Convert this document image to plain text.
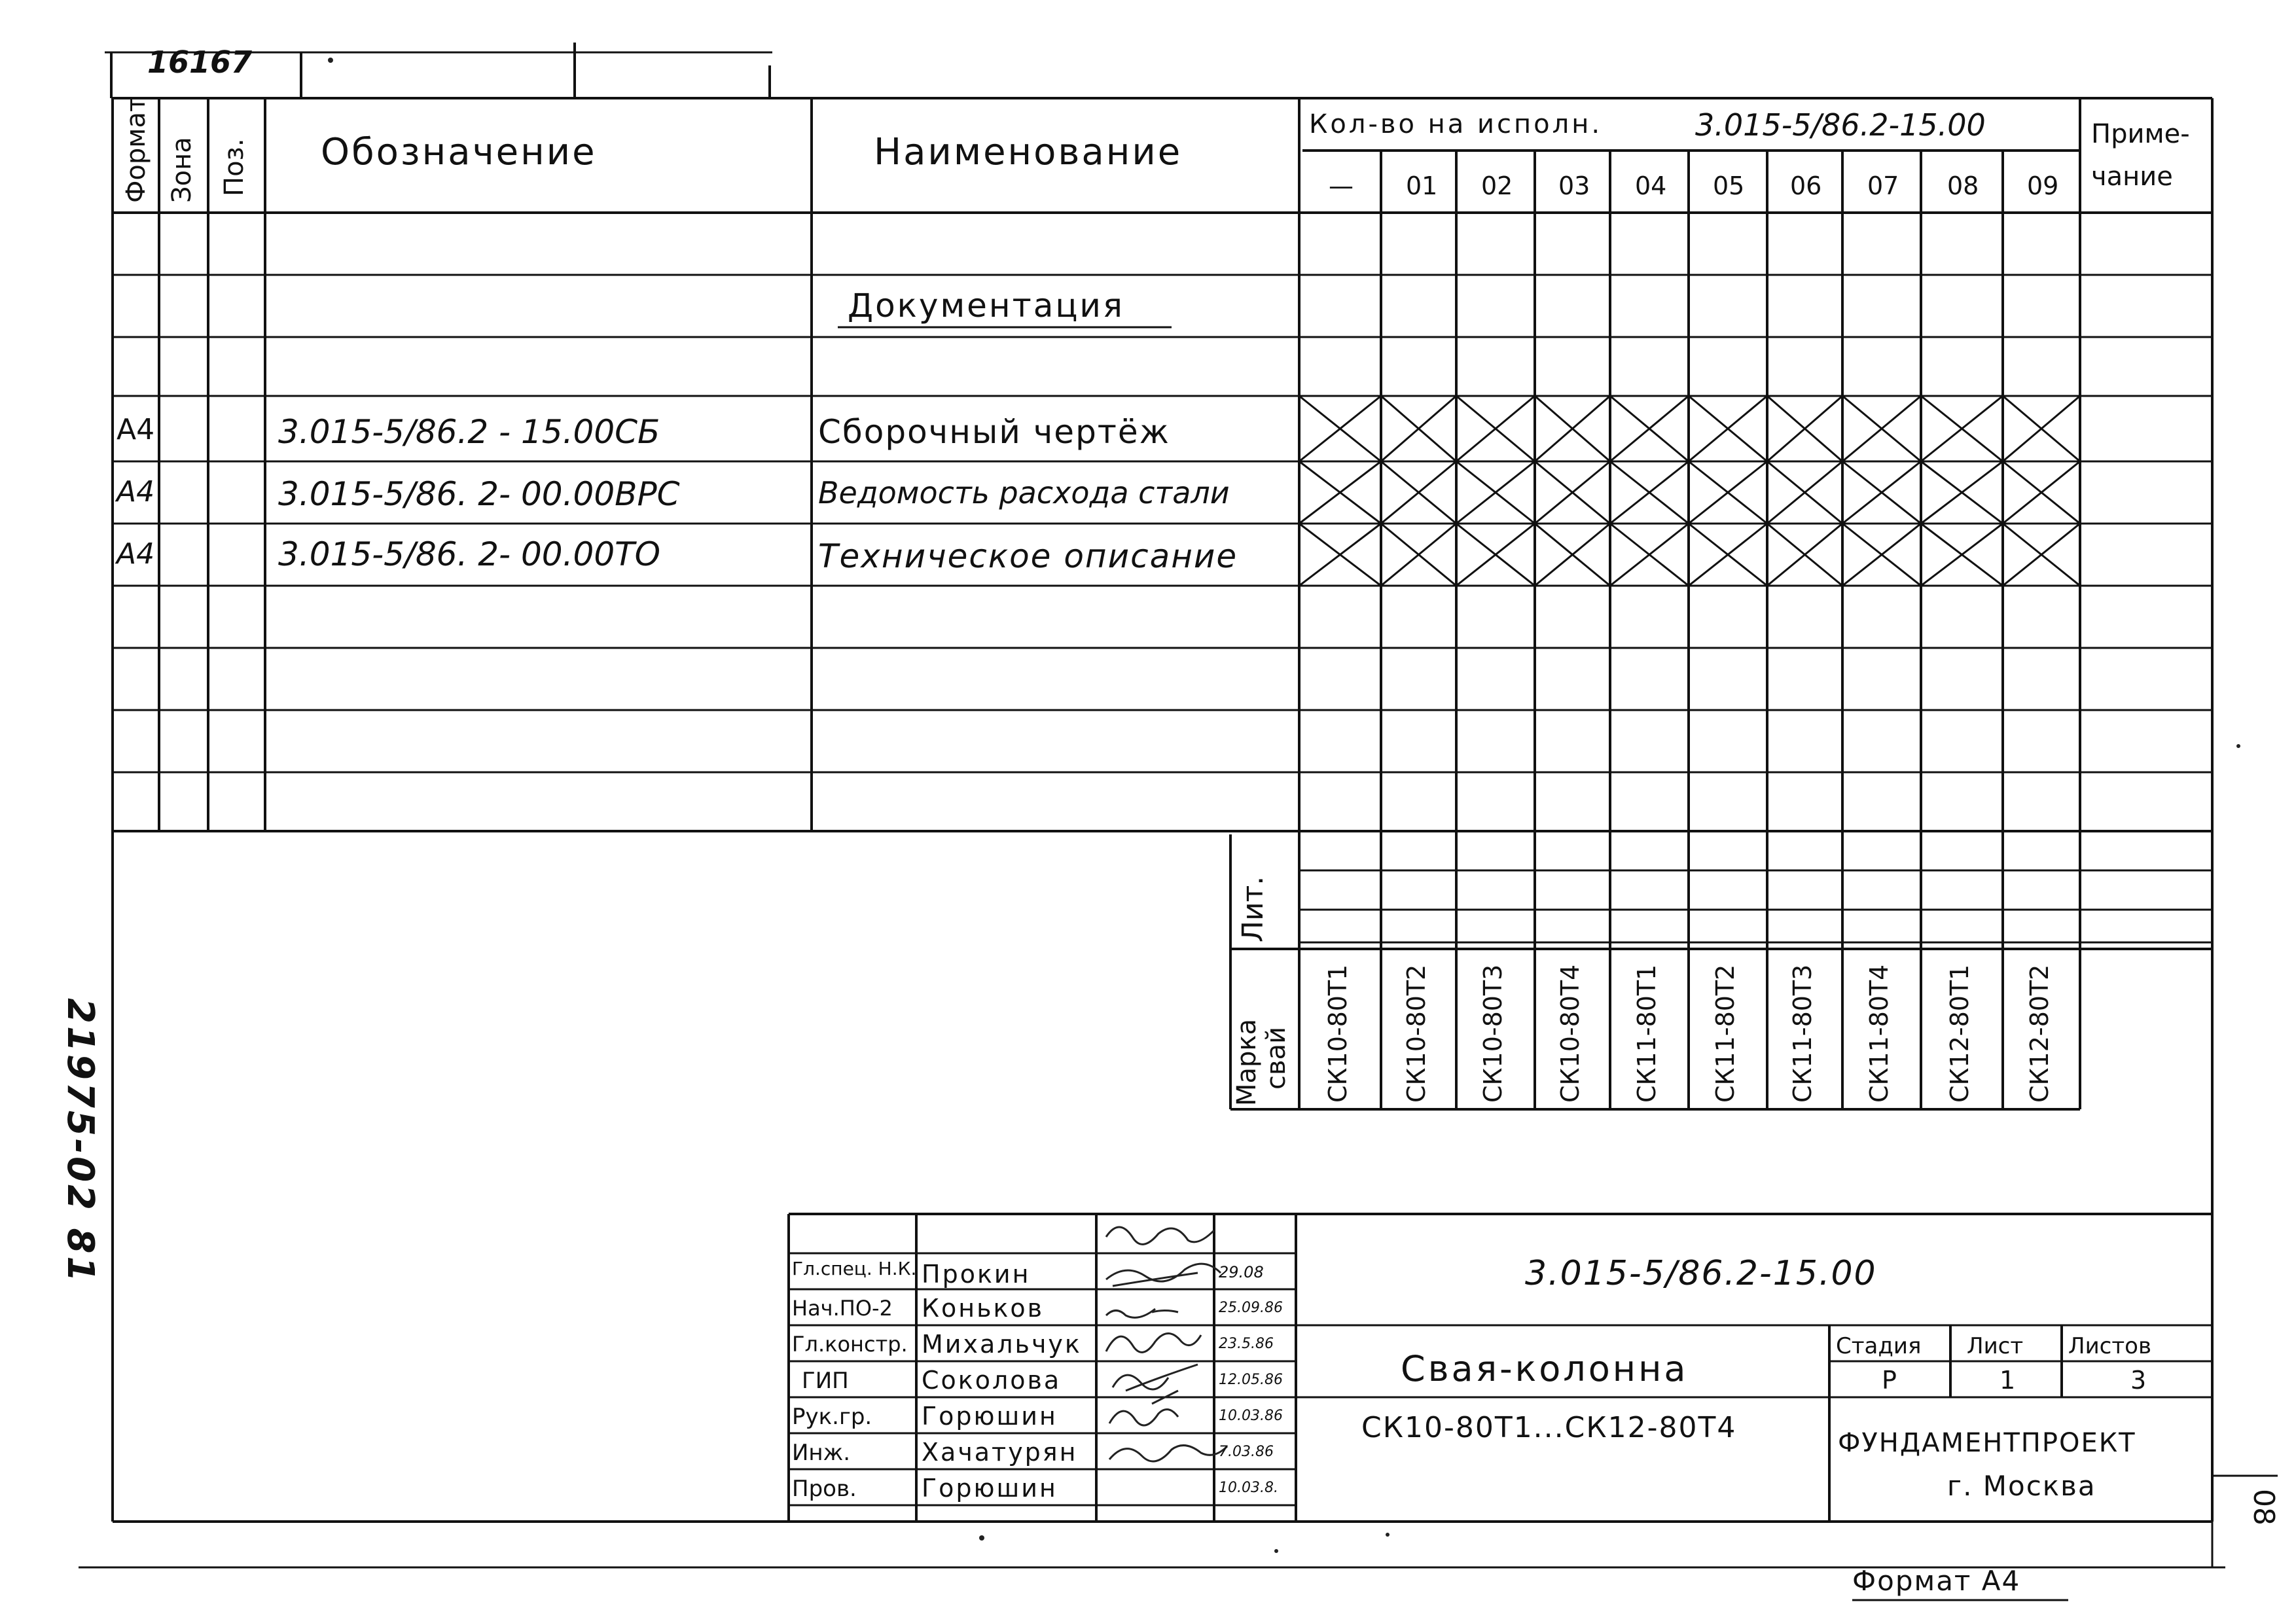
16167
Формат Зона Поз. Обозначение	Наименование
Кол-во на исполн.	3.015-5/86.2-15.00	Приме-
чание
— 01 02 03 04 05 06 07 08 09
Документация
А4	3.015-5/86.2 - 15.00СБ	Сборочный чертёж
А4	3.015-5/86. 2- 00.00ВРС	Ведомость расхода стали
А4	3.015-5/86. 2- 00.00ТО	Техническое описание
Лит.
Марка свай СК10-80Т1 СК10-80Т2 СК10-80Т3 СК10-80Т4 СК11-80Т1 СК11-80Т2 СК11-80Т3 СК11-80Т4 СК12-80Т1 СК12-80Т2
Гл.спец. Н.К. Прокин	29.08
Нач.ПО-2 Коньков	25.09.86
Гл.констр. Михальчук	23.5.86
ГИП	Соколова	12.05.86
Рук.гр. Горюшин	10.03.86
Инж.	Хачатурян	7.03.86
Пров.	Горюшин	10.03.8.
3.015-5/86.2-15.00
Свая-колонна
СК10-80Т1...СК12-80Т4
Стадия Лист Листов
Р	1	3
ФУНДАМЕНТПРОЕКТ
г. Москва
21975-02 81
08
Формат А4
